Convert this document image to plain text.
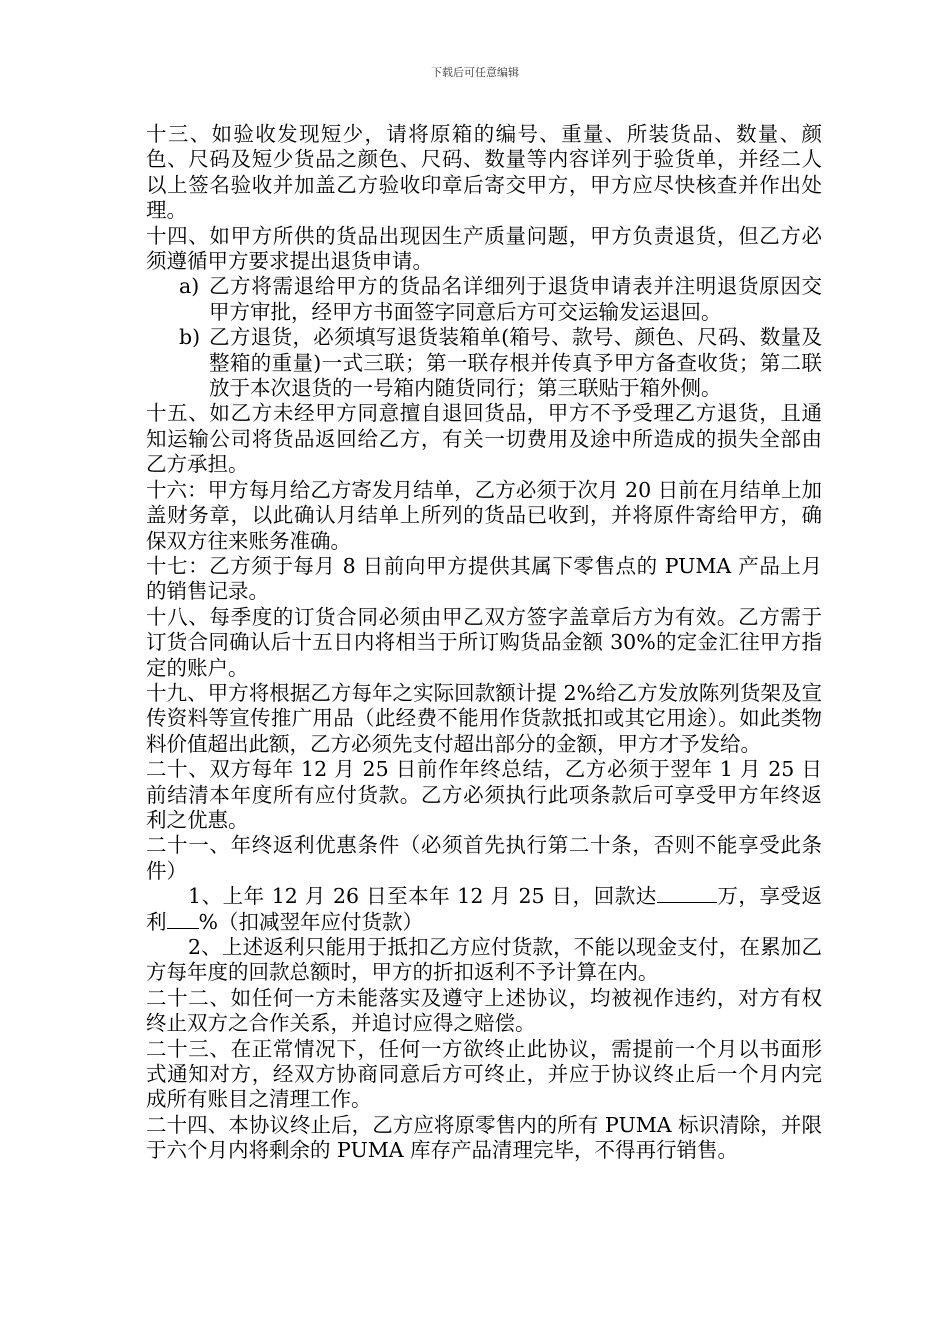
下载后可任意编辑

十三、如验收发现短少，请将原箱的编号、重量、所装货品、数量、颜色、尺码及短少货品之颜色、尺码、数量等内容详列于验货单，并经二人以上签名验收并加盖乙方验收印章后寄交甲方，甲方应尽快核查并作出处理。

十四、如甲方所供的货品出现因生产质量问题，甲方负责退货，但乙方必须遵循甲方要求提出退货申请。

a) 乙方将需退给甲方的货品名详细列于退货申请表并注明退货原因交甲方审批，经甲方书面签字同意后方可交运输发运退回。

b) 乙方退货，必须填写退货装箱单(箱号、款号、颜色、尺码、数量及整箱的重量)一式三联；第一联存根并传真予甲方备查收货；第二联放于本次退货的一号箱内随货同行；第三联贴于箱外侧。

十五、如乙方未经甲方同意擅自退回货品，甲方不予受理乙方退货，且通知运输公司将货品返回给乙方，有关一切费用及途中所造成的损失全部由乙方承担。

十六：甲方每月给乙方寄发月结单，乙方必须于次月 20 日前在月结单上加盖财务章，以此确认月结单上所列的货品已收到，并将原件寄给甲方，确保双方往来账务准确。

十七：乙方须于每月 8 日前向甲方提供其属下零售点的 PUMA 产品上月的销售记录。

十八、每季度的订货合同必须由甲乙双方签字盖章后方为有效。乙方需于订货合同确认后十五日内将相当于所订购货品金额 30%的定金汇往甲方指定的账户。

十九、甲方将根据乙方每年之实际回款额计提 2%给乙方发放陈列货架及宣传资料等宣传推广用品（此经费不能用作货款抵扣或其它用途）。如此类物料价值超出此额，乙方必须先支付超出部分的金额，甲方才予发给。

二十、双方每年 12 月 25 日前作年终总结，乙方必须于翌年 1 月 25 日前结清本年度所有应付货款。乙方必须执行此项条款后可享受甲方年终返利之优惠。

二十一、年终返利优惠条件（必须首先执行第二十条，否则不能享受此条件）

1、上年 12 月 26 日至本年 12 月 25 日，回款达	万，享受返利 %（扣减翌年应付货款）

2、上述返利只能用于抵扣乙方应付货款，不能以现金支付，在累加乙方每年度的回款总额时，甲方的折扣返利不予计算在内。

二十二、如任何一方未能落实及遵守上述协议，均被视作违约，对方有权终止双方之合作关系，并追讨应得之赔偿。

二十三、在正常情况下，任何一方欲终止此协议，需提前一个月以书面形式通知对方，经双方协商同意后方可终止，并应于协议终止后一个月内完成所有账目之清理工作。

二十四、本协议终止后，乙方应将原零售内的所有 PUMA 标识清除，并限于六个月内将剩余的 PUMA 库存产品清理完毕，不得再行销售。
